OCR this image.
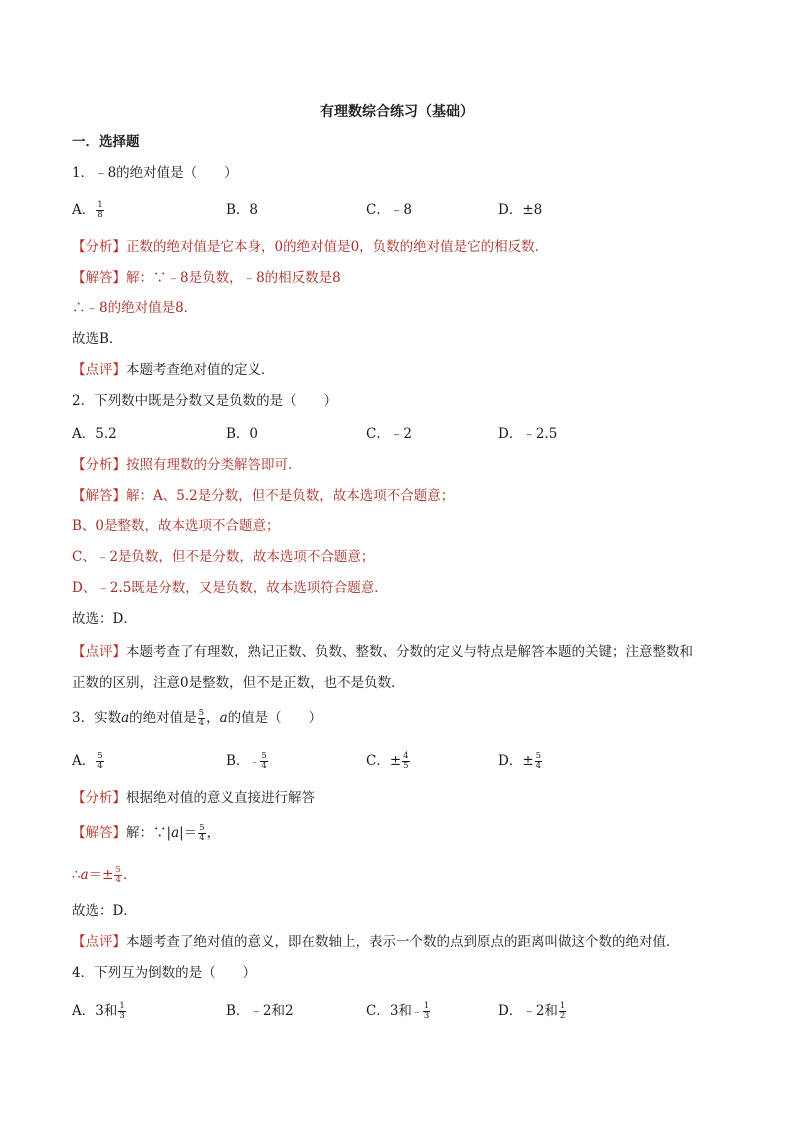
有理数综合练习（基础）
一．选择题
1．﹣8的绝对值是（　　）
A． $\frac{1}{8}$	B．8	C．﹣8	D．±8
【分析】正数的绝对值是它本身，0的绝对值是0，负数的绝对值是它的相反数．
【解答】解：∵﹣8是负数，﹣8的相反数是8
∴﹣8的绝对值是8．
故选B．
【点评】本题考查绝对值的定义．
2．下列数中既是分数又是负数的是（　　）
A．5.2	B．0	C．﹣2	D．﹣2.5
【分析】按照有理数的分类解答即可．
【解答】解：A、5.2是分数，但不是负数，故本选项不合题意；
B、0是整数，故本选项不合题意；
C、﹣2是负数，但不是分数，故本选项不合题意；
D、﹣2.5既是分数，又是负数，故本选项符合题意．
故选：D．
【点评】本题考查了有理数，熟记正数、负数、整数、分数的定义与特点是解答本题的关键；注意整数和
正数的区别，注意0是整数，但不是正数，也不是负数．
3．实数a的绝对值是 $\frac{5}{4}$ ，a的值是（　　）
A． $\frac{5}{4}$	B．﹣ $\frac{5}{4}$	C．± $\frac{4}{5}$	D．± $\frac{5}{4}$
【分析】根据绝对值的意义直接进行解答
【解答】解：∵|a|＝ $\frac{5}{4}$ ，
∴a＝± $\frac{5}{4}$ ．
故选：D．
【点评】本题考查了绝对值的意义，即在数轴上，表示一个数的点到原点的距离叫做这个数的绝对值．
4．下列互为倒数的是（　　）
A．3和 $\frac{1}{3}$	B．﹣2和2	C．3和﹣ $\frac{1}{3}$	D．﹣2和 $\frac{1}{2}$
